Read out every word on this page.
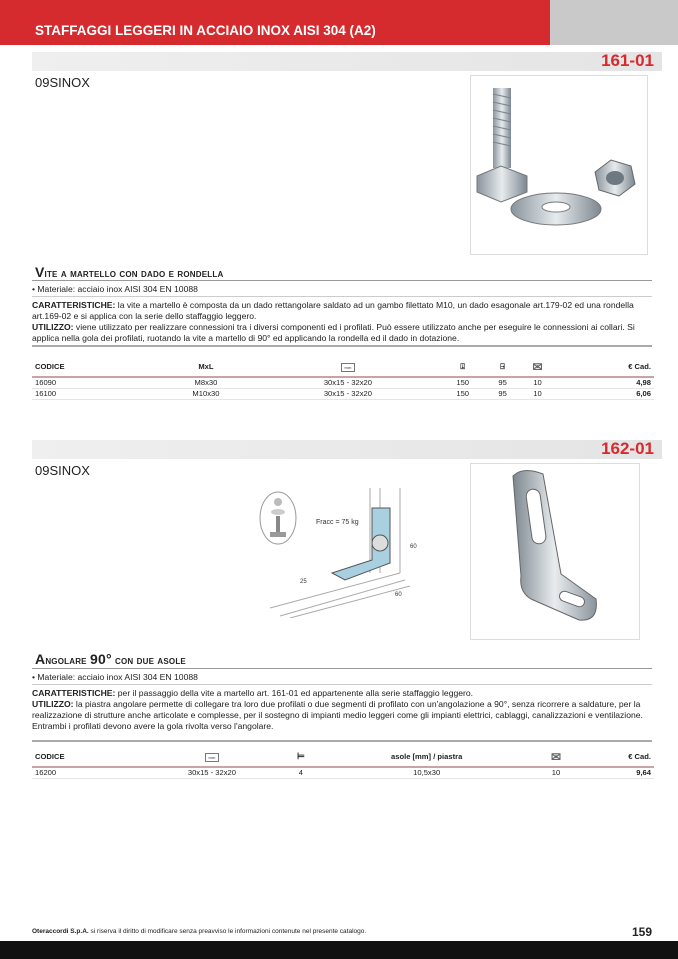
STAFFAGGI LEGGERI IN ACCIAIO INOX AISI 304 (A2)
161-01
09SINOX
Vite a martello con dado e rondella
• Materiale: acciaio inox AISI 304 EN 10088
CARATTERISTICHE: la vite a martello è composta da un dado rettangolare saldato ad un gambo filettato M10, un dado esagonale art.179-02 ed una rondella art.169-02 e si applica con la serie dello staffaggio leggero.
UTILIZZO: viene utilizzato per realizzare connessioni tra i diversi componenti ed i profilati. Può essere utilizzato anche per eseguire le connessioni ai collari. Si applica nella gola dei profilati, ruotando la vite a martello di 90° ed applicando la rondella ed il dado in dotazione.
CODICE	MxL	mm	⍗	⍈	✉	€ Cad.
16090	M8x30	30x15 - 32x20	150	95	10	4,98
16100	M10x30	30x15 - 32x20	150	95	10	6,06
162-01
09SINOX
Fracc = 75 kg
25
60
60
Angolare 90° con due asole
• Materiale: acciaio inox AISI 304 EN 10088
CARATTERISTICHE: per il passaggio della vite a martello art. 161-01 ed appartenente alla serie staffaggio leggero.
UTILIZZO: la piastra angolare permette di collegare tra loro due profilati o due segmenti di profilato con un'angolazione a 90°, senza ricorrere a saldature, per la realizzazione di strutture anche articolate e complesse, per il sostegno di impianti medio leggeri come gli impianti elettrici, cablaggi, canalizzazioni e ventilazione. Entrambi i profilati devono avere la gola rivolta verso l'angolare.
CODICE	mm	⊨	asole [mm] / piastra	✉	€ Cad.
16200	30x15 - 32x20	4	10,5x30	10	9,64
Oteraccordi S.p.A. si riserva il diritto di modificare senza preavviso le informazioni contenute nel presente catalogo.	159
